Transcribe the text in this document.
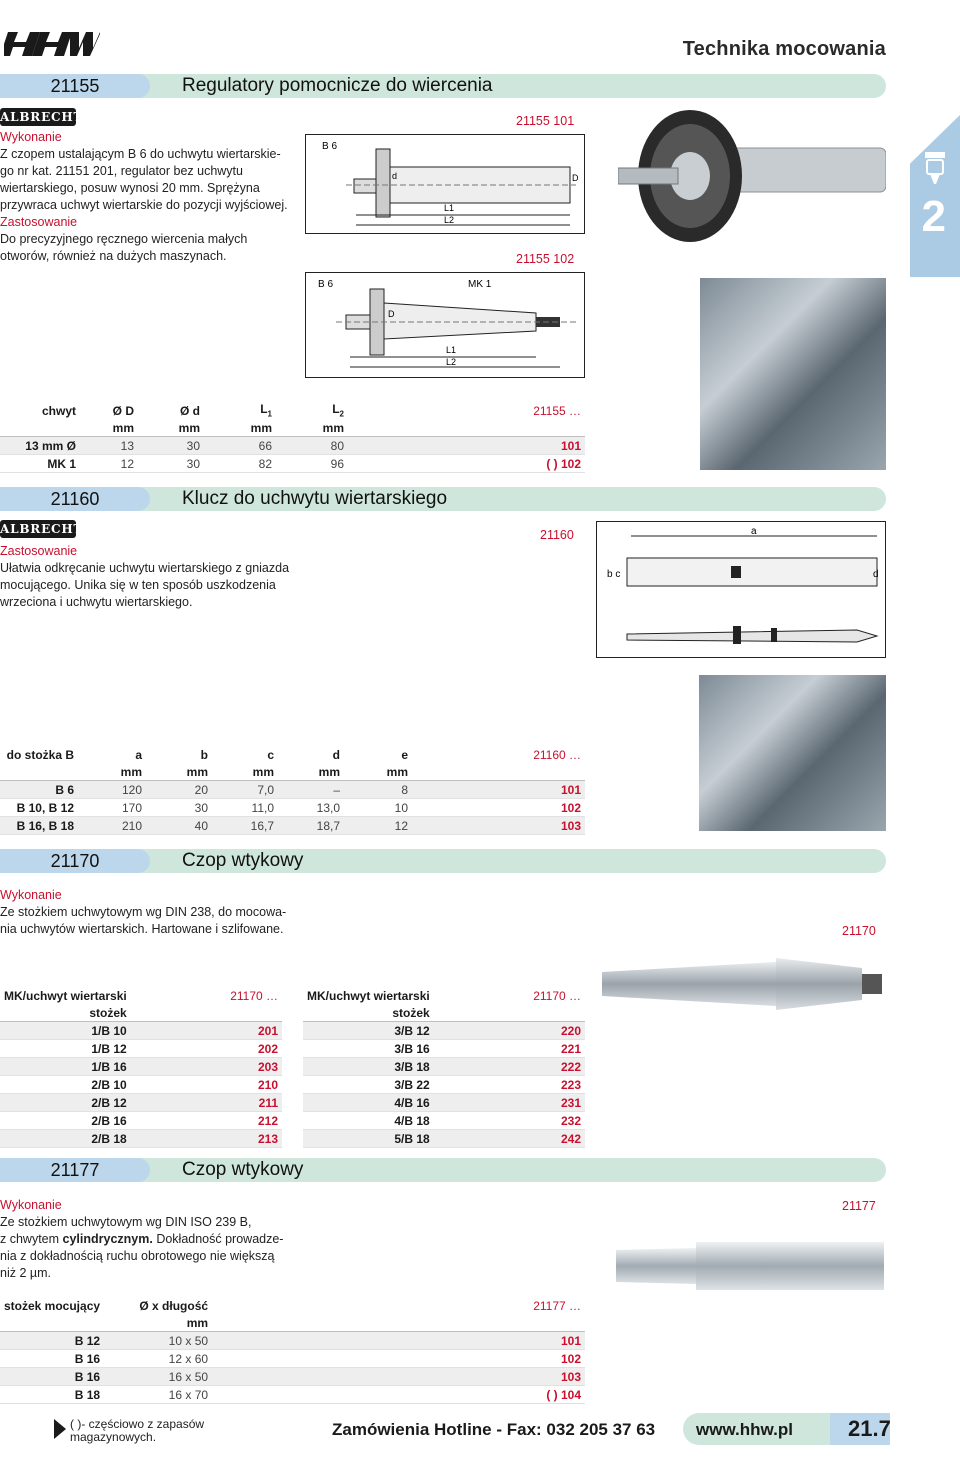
Technika mocowania
2
21155	Regulatory pomocnicze do wiercenia
ALBRECHT
Wykonanie
Z czopem ustalającym B 6 do uchwytu wiertarskie-
go nr kat. 21151 201, regulator bez uchwytu
wiertarskiego, posuw wynosi 20 mm. Sprężyna
przywraca uchwyt wiertarskie do pozycji wyjściowej.
Zastosowanie
Do precyzyjnego ręcznego wiercenia małych
otworów, również na dużych maszynach.
21155 101
21155 102
B 6
d	D
L1
L2
B 6	MK 1
D
L1
L2
chwyt	Ø D	Ø d	$L_1$	$L_2$	21155 …
	mm	mm	mm	mm	
13 mm Ø	13	30	66	80	101
MK 1	12	30	82	96	( ) 102
21160	Klucz do uchwytu wiertarskiego
ALBRECHT
Zastosowanie
Ułatwia odkręcanie uchwytu wiertarskiego z gniazda
mocującego. Unika się w ten sposób uszkodzenia
wrzeciona i uchwytu wiertarskiego.
21160	a
b c	d
do stożka B	a	b	c	d	e	21160 …
	mm	mm	mm	mm	mm	
B 6	120	20	7,0	–	8	101
B 10, B 12	170	30	11,0	13,0	10	102
B 16, B 18	210	40	16,7	18,7	12	103
21170	Czop wtykowy
Wykonanie
Ze stożkiem uchwytowym wg DIN 238, do mocowa-
nia uchwytów wiertarskich. Hartowane i szlifowane.	21170
MK/uchwyt wiertarski	21170 …
stożek	
1/B 10	201
1/B 12	202
1/B 16	203
2/B 10	210
2/B 12	211
2/B 16	212
2/B 18	213
MK/uchwyt wiertarski	21170 …
stożek	
3/B 12	220
3/B 16	221
3/B 18	222
3/B 22	223
4/B 16	231
4/B 18	232
5/B 18	242
21177	Czop wtykowy
Wykonanie
Ze stożkiem uchwytowym wg DIN ISO 239 B,
z chwytem cylindrycznym. Dokładność prowadze-
nia z dokładnością ruchu obrotowego nie większą
niż 2 µm.
21177
stożek mocujący	Ø x długość	21177 …
	mm	
B 12	10 x 50	101
B 16	12 x 60	102
B 16	16 x 50	103
B 18	16 x 70	( ) 104
( )- częściowo z zapasów
magazynowych.	Zamówienia Hotline - Fax: 032 205 37 63 www.hhw.pl	21.7
